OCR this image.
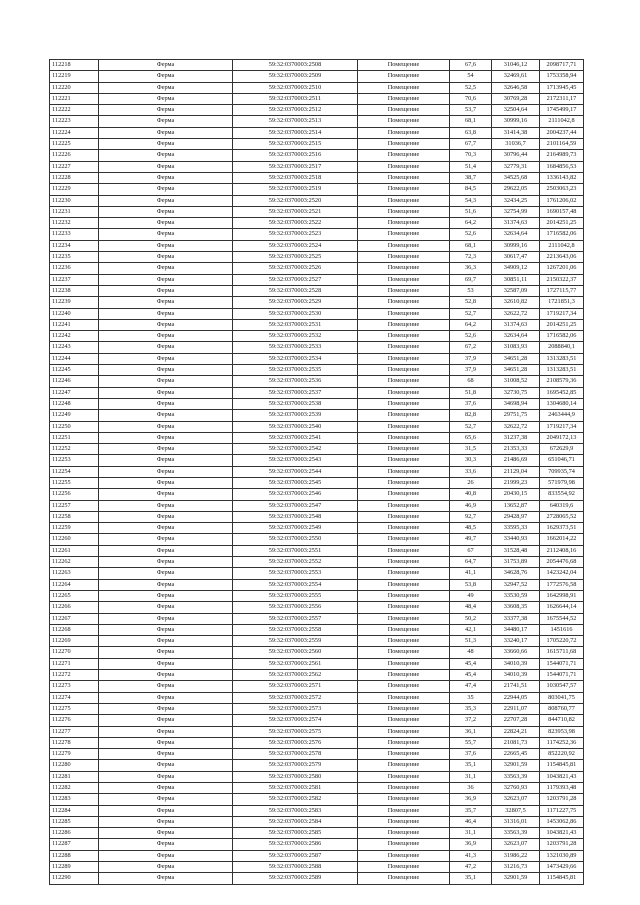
112218	Ферма	59:32:0370003:2508	Помещение	67,6	31046,12	2098717,71
112219	Ферма	59:32:0370003:2509	Помещение	54	32469,61	1753358,94
112220	Ферма	59:32:0370003:2510	Помещение	52,5	32646,58	1713945,45
112221	Ферма	59:32:0370003:2511	Помещение	70,6	30769,28	2172311,17
112222	Ферма	59:32:0370003:2512	Помещение	53,7	32504,64	1745499,17
112223	Ферма	59:32:0370003:2513	Помещение	68,1	30999,16	2111042,8
112224	Ферма	59:32:0370003:2514	Помещение	63,8	31414,38	2004237,44
112225	Ферма	59:32:0370003:2515	Помещение	67,7	31036,7	2101164,59
112226	Ферма	59:32:0370003:2516	Помещение	70,3	30796,44	2164989,73
112227	Ферма	59:32:0370003:2517	Помещение	51,4	32779,31	1684856,53
112228	Ферма	59:32:0370003:2518	Помещение	38,7	34525,68	1336143,82
112229	Ферма	59:32:0370003:2519	Помещение	84,5	29622,05	2503063,23
112230	Ферма	59:32:0370003:2520	Помещение	54,3	32434,25	1761206,02
112231	Ферма	59:32:0370003:2521	Помещение	51,6	32754,99	1690157,48
112232	Ферма	59:32:0370003:2522	Помещение	64,2	31374,63	2014251,25
112233	Ферма	59:32:0370003:2523	Помещение	52,6	32634,64	1716582,06
112234	Ферма	59:32:0370003:2524	Помещение	68,1	30999,16	2111042,8
112235	Ферма	59:32:0370003:2525	Помещение	72,3	30617,47	2213643,06
112236	Ферма	59:32:0370003:2526	Помещение	36,3	34909,12	1267201,06
112237	Ферма	59:32:0370003:2527	Помещение	69,7	30851,11	2150322,37
112238	Ферма	59:32:0370003:2528	Помещение	53	32587,09	1727115,77
112239	Ферма	59:32:0370003:2529	Помещение	52,8	32610,82	1721851,3
112240	Ферма	59:32:0370003:2530	Помещение	52,7	32622,72	1719217,34
112241	Ферма	59:32:0370003:2531	Помещение	64,2	31374,63	2014251,25
112242	Ферма	59:32:0370003:2532	Помещение	52,6	32634,64	1716582,06
112243	Ферма	59:32:0370003:2533	Помещение	67,2	31083,93	2088840,1
112244	Ферма	59:32:0370003:2534	Помещение	37,9	34651,28	1313283,51
112245	Ферма	59:32:0370003:2535	Помещение	37,9	34651,28	1313283,51
112246	Ферма	59:32:0370003:2536	Помещение	68	31008,52	2108579,36
112247	Ферма	59:32:0370003:2537	Помещение	51,8	32730,75	1695452,85
112248	Ферма	59:32:0370003:2538	Помещение	37,6	34698,94	1304680,14
112249	Ферма	59:32:0370003:2539	Помещение	82,8	29751,75	2463444,9
112250	Ферма	59:32:0370003:2540	Помещение	52,7	32622,72	1719217,34
112251	Ферма	59:32:0370003:2541	Помещение	65,6	31237,38	2049172,13
112252	Ферма	59:32:0370003:2542	Помещение	31,5	21353,33	672629,9
112253	Ферма	59:32:0370003:2543	Помещение	30,3	21486,69	651046,71
112254	Ферма	59:32:0370003:2544	Помещение	33,6	21129,04	709935,74
112255	Ферма	59:32:0370003:2545	Помещение	26	21999,23	571979,98
112256	Ферма	59:32:0370003:2546	Помещение	40,8	20430,15	833554,92
112257	Ферма	59:32:0370003:2547	Помещение	46,9	13652,87	640319,6
112258	Ферма	59:32:0370003:2548	Помещение	92,7	29428,97	2728065,52
112259	Ферма	59:32:0370003:2549	Помещение	48,5	33595,33	1629373,51
112260	Ферма	59:32:0370003:2550	Помещение	49,7	33440,93	1662014,22
112261	Ферма	59:32:0370003:2551	Помещение	67	31528,48	2112408,16
112262	Ферма	59:32:0370003:2552	Помещение	64,7	31753,89	2054476,68
112263	Ферма	59:32:0370003:2553	Помещение	41,1	34628,76	1423242,04
112264	Ферма	59:32:0370003:2554	Помещение	53,8	32947,52	1772576,58
112265	Ферма	59:32:0370003:2555	Помещение	49	33530,59	1642998,91
112266	Ферма	59:32:0370003:2556	Помещение	48,4	33608,35	1626644,14
112267	Ферма	59:32:0370003:2557	Помещение	50,2	33377,38	1675544,52
112268	Ферма	59:32:0370003:2558	Помещение	42,1	34480,17	1451616
112269	Ферма	59:32:0370003:2559	Помещение	51,3	33240,17	1705220,72
112270	Ферма	59:32:0370003:2560	Помещение	48	33660,66	1615711,68
112271	Ферма	59:32:0370003:2561	Помещение	45,4	34010,39	1544071,71
112272	Ферма	59:32:0370003:2562	Помещение	45,4	34010,39	1544071,71
112273	Ферма	59:32:0370003:2571	Помещение	47,4	21741,51	1030547,57
112274	Ферма	59:32:0370003:2572	Помещение	35	22944,05	803041,75
112275	Ферма	59:32:0370003:2573	Помещение	35,3	22911,07	808760,77
112276	Ферма	59:32:0370003:2574	Помещение	37,2	22707,28	844710,82
112277	Ферма	59:32:0370003:2575	Помещение	36,1	22824,21	823953,98
112278	Ферма	59:32:0370003:2576	Помещение	55,7	21081,73	1174252,36
112279	Ферма	59:32:0370003:2578	Помещение	37,6	22665,45	852220,92
112280	Ферма	59:32:0370003:2579	Помещение	35,1	32901,59	1154845,81
112281	Ферма	59:32:0370003:2580	Помещение	31,1	33563,39	1043821,43
112282	Ферма	59:32:0370003:2581	Помещение	36	32760,93	1179393,48
112283	Ферма	59:32:0370003:2582	Помещение	36,9	32623,07	1203791,28
112284	Ферма	59:32:0370003:2583	Помещение	35,7	32807,5	1171227,75
112285	Ферма	59:32:0370003:2584	Помещение	46,4	31316,01	1453062,86
112286	Ферма	59:32:0370003:2585	Помещение	31,1	33563,39	1043821,43
112287	Ферма	59:32:0370003:2586	Помещение	36,9	32623,07	1203791,28
112288	Ферма	59:32:0370003:2587	Помещение	41,3	31986,22	1321030,89
112289	Ферма	59:32:0370003:2588	Помещение	47,2	31216,73	1473429,66
112290	Ферма	59:32:0370003:2589	Помещение	35,1	32901,59	1154845,81
